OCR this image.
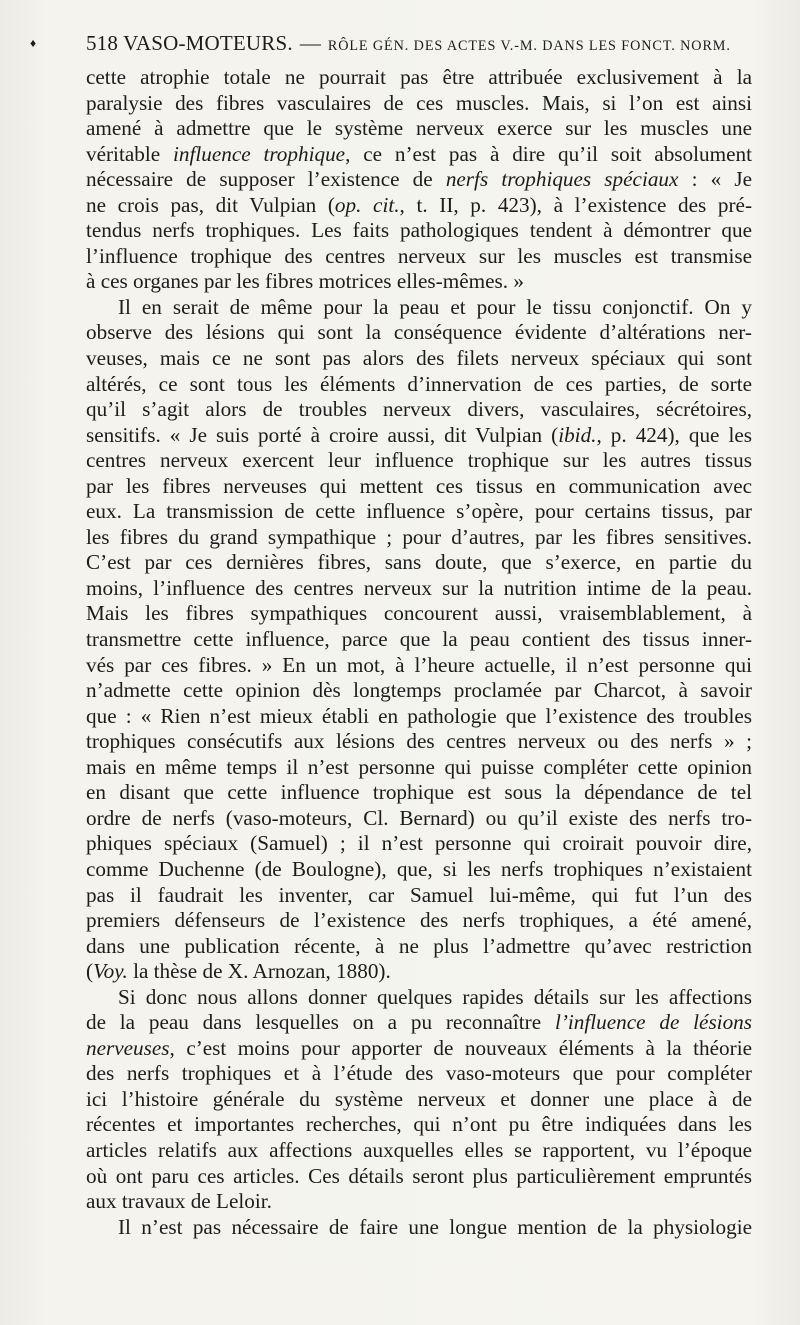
♦ 518 VASO-MOTEURS. — RÔLE GÉN. DES ACTES V.-M. DANS LES FONCT. NORM.
cette atrophie totale ne pourrait pas être attribuée exclusivement à la
paralysie des fibres vasculaires de ces muscles. Mais, si l’on est ainsi
amené à admettre que le système nerveux exerce sur les muscles une
véritable influence trophique, ce n’est pas à dire qu’il soit absolument
nécessaire de supposer l’existence de nerfs trophiques spéciaux : « Je
ne crois pas, dit Vulpian (op. cit., t. II, p. 423), à l’existence des pré-
tendus nerfs trophiques. Les faits pathologiques tendent à démontrer que
l’influence trophique des centres nerveux sur les muscles est transmise
à ces organes par les fibres motrices elles-mêmes. »
Il en serait de même pour la peau et pour le tissu conjonctif. On y
observe des lésions qui sont la conséquence évidente d’altérations ner-
veuses, mais ce ne sont pas alors des filets nerveux spéciaux qui sont
altérés, ce sont tous les éléments d’innervation de ces parties, de sorte
qu’il s’agit alors de troubles nerveux divers, vasculaires, sécrétoires,
sensitifs. « Je suis porté à croire aussi, dit Vulpian (ibid., p. 424), que les
centres nerveux exercent leur influence trophique sur les autres tissus
par les fibres nerveuses qui mettent ces tissus en communication avec
eux. La transmission de cette influence s’opère, pour certains tissus, par
les fibres du grand sympathique ; pour d’autres, par les fibres sensitives.
C’est par ces dernières fibres, sans doute, que s’exerce, en partie du
moins, l’influence des centres nerveux sur la nutrition intime de la peau.
Mais les fibres sympathiques concourent aussi, vraisemblablement, à
transmettre cette influence, parce que la peau contient des tissus inner-
vés par ces fibres. » En un mot, à l’heure actuelle, il n’est personne qui
n’admette cette opinion dès longtemps proclamée par Charcot, à savoir
que : « Rien n’est mieux établi en pathologie que l’existence des troubles
trophiques consécutifs aux lésions des centres nerveux ou des nerfs » ;
mais en même temps il n’est personne qui puisse compléter cette opinion
en disant que cette influence trophique est sous la dépendance de tel
ordre de nerfs (vaso-moteurs, Cl. Bernard) ou qu’il existe des nerfs tro-
phiques spéciaux (Samuel) ; il n’est personne qui croirait pouvoir dire,
comme Duchenne (de Boulogne), que, si les nerfs trophiques n’existaient
pas il faudrait les inventer, car Samuel lui-même, qui fut l’un des
premiers défenseurs de l’existence des nerfs trophiques, a été amené,
dans une publication récente, à ne plus l’admettre qu’avec restriction
(Voy. la thèse de X. Arnozan, 1880).
Si donc nous allons donner quelques rapides détails sur les affections
de la peau dans lesquelles on a pu reconnaître l’influence de lésions
nerveuses, c’est moins pour apporter de nouveaux éléments à la théorie
des nerfs trophiques et à l’étude des vaso-moteurs que pour compléter
ici l’histoire générale du système nerveux et donner une place à de
récentes et importantes recherches, qui n’ont pu être indiquées dans les
articles relatifs aux affections auxquelles elles se rapportent, vu l’époque
où ont paru ces articles. Ces détails seront plus particulièrement empruntés
aux travaux de Leloir.
Il n’est pas nécessaire de faire une longue mention de la physiologie
